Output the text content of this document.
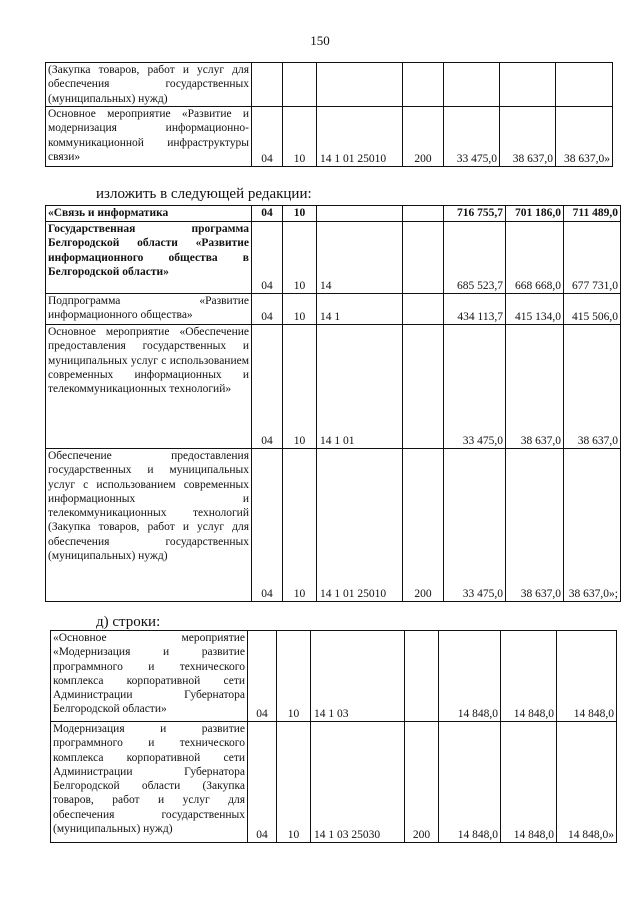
150
(Закупка товаров, работ и услуг для обеспечения государственных (муниципальных) нужд)							

Основное мероприятие «Развитие и модернизация информационно-коммуникационной инфраструктуры связи»	04	10	14 1 01 25010	200	33 475,0	38 637,0	38 637,0»
изложить в следующей редакции:
«Связь и информатика	04	10			716 755,7	701 186,0	711 489,0

Государственная программа Белгородской области «Развитие информационного общества в Белгородской области»	04	10	14		685 523,7	668 668,0	677 731,0

Подпрограмма «Развитие информационного общества»	04	10	14 1		434 113,7	415 134,0	415 506,0

Основное мероприятие «Обеспечение предоставления государственных и муниципальных услуг с использованием современных информационных и телекоммуникационных технологий»	04	10	14 1 01		33 475,0	38 637,0	38 637,0

Обеспечение предоставления государственных и муниципальных услуг с использованием современных информационных и телекоммуникационных технологий (Закупка товаров, работ и услуг для обеспечения государственных (муниципальных) нужд)	04	10	14 1 01 25010	200	33 475,0	38 637,0	38 637,0»;
д) строки:
«Основное мероприятие «Модернизация и развитие программного и технического комплекса корпоративной сети Администрации Губернатора Белгородской области»	04	10	14 1 03		14 848,0	14 848,0	14 848,0

Модернизация и развитие программного и технического комплекса корпоративной сети Администрации Губернатора Белгородской области (Закупка товаров, работ и услуг для обеспечения государственных (муниципальных) нужд)	04	10	14 1 03 25030	200	14 848,0	14 848,0	14 848,0»
